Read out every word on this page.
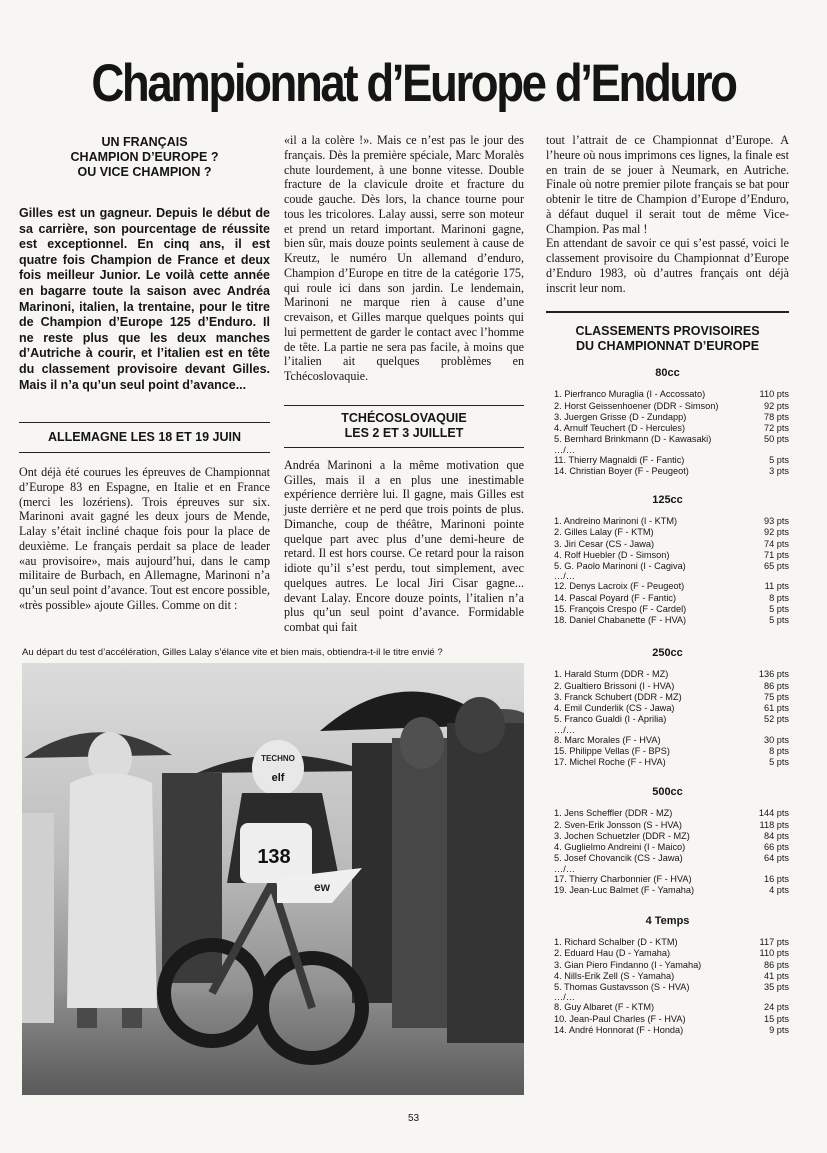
Championnat d’Europe d’Enduro

UN FRANÇAIS
CHAMPION D’EUROPE ?
OU VICE CHAMPION ?

Gilles est un gagneur. Depuis le début de sa carrière, son pourcentage de réussite est exceptionnel. En cinq ans, il est quatre fois Champion de France et deux fois meilleur Junior. Le voilà cette année en bagarre toute la saison avec Andréa Marinoni, italien, la trentaine, pour le titre de Champion d’Europe 125 d’Enduro. Il ne reste plus que les deux manches d’Autriche à courir, et l’italien est en tête du classement provisoire devant Gilles. Mais il n’a qu’un seul point d’avance...

ALLEMAGNE LES 18 ET 19 JUIN

Ont déjà été courues les épreuves de Championnat d’Europe 83 en Espagne, en Italie et en France (merci les lozériens). Trois épreuves sur six. Marinoni avait gagné les deux jours de Mende, Lalay s’était incliné chaque fois pour la place de deuxième. Le français perdait sa place de leader «au provisoire», mais aujourd’hui, dans le camp militaire de Burbach, en Allemagne, Marinoni n’a qu’un seul point d’avance. Tout est encore possible, «très possible» ajoute Gilles. Comme on dit :

«il a la colère !». Mais ce n’est pas le jour des français. Dès la première spéciale, Marc Moralès chute lourdement, à une bonne vitesse. Double fracture de la clavicule droite et fracture du coude gauche. Dès lors, la chance tourne pour tous les tricolores. Lalay aussi, serre son moteur et prend un retard important. Marinoni gagne, bien sûr, mais douze points seulement à cause de Kreutz, le numéro Un allemand d’enduro, Champion d’Europe en titre de la catégorie 175, qui roule ici dans son jardin. Le lendemain, Marinoni ne marque rien à cause d’une crevaison, et Gilles marque quelques points qui lui permettent de garder le contact avec l’homme de tête. La partie ne sera pas facile, à moins que l’italien ait quelques problèmes en Tchécoslovaquie.

TCHÉCOSLOVAQUIE
LES 2 ET 3 JUILLET

Andréa Marinoni a la même motivation que Gilles, mais il a en plus une inestimable expérience derrière lui. Il gagne, mais Gilles est juste derrière et ne perd que trois points de plus. Dimanche, coup de théâtre, Marinoni pointe quelque part avec plus d’une demi-heure de retard. Il est hors course. Ce retard pour la raison idiote qu’il s’est perdu, tout simplement, avec quelques autres. Le local Jiri Cisar gagne... devant Lalay. Encore douze points, l’italien n’a plus qu’un seul point d’avance. Formidable combat qui fait

tout l’attrait de ce Championnat d’Europe. A l’heure où nous imprimons ces lignes, la finale est en train de se jouer à Neumark, en Autriche. Finale où notre premier pilote français se bat pour obtenir le titre de Champion d’Europe d’Enduro, à défaut duquel il serait tout de même Vice-Champion. Pas mal !

En attendant de savoir ce qui s’est passé, voici le classement provisoire du Championnat d’Europe d’Enduro 1983, où d’autres français ont déjà inscrit leur nom.

CLASSEMENTS PROVISOIRES
DU CHAMPIONNAT D’EUROPE

80cc

1. Pierfranco Muraglia (I - Accossato)	110 pts
2. Horst Geissenhoener (DDR - Simson)	92 pts
3. Juergen Grisse (D - Zundapp)	78 pts
4. Arnulf Teuchert (D - Hercules)	72 pts
5. Bernhard Brinkmann (D - Kawasaki)	50 pts
…/…
11. Thierry Magnaldi (F - Fantic)	5 pts
14. Christian Boyer (F - Peugeot)	3 pts

125cc

1. Andreino Marinoni (I - KTM)	93 pts
2. Gilles Lalay (F - KTM)	92 pts
3. Jiri Cesar (CS - Jawa)	74 pts
4. Rolf Huebler (D - Simson)	71 pts
5. G. Paolo Marinoni (I - Cagiva)	65 pts
…/…
12. Denys Lacroix (F - Peugeot)	11 pts
14. Pascal Poyard (F - Fantic)	8 pts
15. François Crespo (F - Cardel)	5 pts
18. Daniel Chabanette (F - HVA)	5 pts

250cc

1. Harald Sturm (DDR - MZ)	136 pts
2. Gualtiero Brissoni (I - HVA)	86 pts
3. Franck Schubert (DDR - MZ)	75 pts
4. Emil Cunderlik (CS - Jawa)	61 pts
5. Franco Gualdi (I - Aprilia)	52 pts
…/…
8. Marc Morales (F - HVA)	30 pts
15. Philippe Vellas (F - BPS)	8 pts
17. Michel Roche (F - HVA)	5 pts

500cc

1. Jens Scheffler (DDR - MZ)	144 pts
2. Sven-Erik Jonsson (S - HVA)	118 pts
3. Jochen Schuetzler (DDR - MZ)	84 pts
4. Guglielmo Andreini (I - Maico)	66 pts
5. Josef Chovancik (CS - Jawa)	64 pts
…/…
17. Thierry Charbonnier (F - HVA)	16 pts
19. Jean-Luc Balmet (F - Yamaha)	4 pts

4 Temps

1. Richard Schalber (D - KTM)	117 pts
2. Eduard Hau (D - Yamaha)	110 pts
3. Gian Piero Findanno (I - Yamaha)	86 pts
4. Nills-Erik Zell (S - Yamaha)	41 pts
5. Thomas Gustavsson (S - HVA)	35 pts
…/…
8. Guy Albaret (F - KTM)	24 pts
10. Jean-Paul Charles (F - HVA)	15 pts
14. André Honnorat (F - Honda)	9 pts

Au départ du test d’accélération, Gilles Lalay s’élance vite et bien mais, obtiendra-t-il le titre envié ?

138
TECHNO
elf
ew
53
